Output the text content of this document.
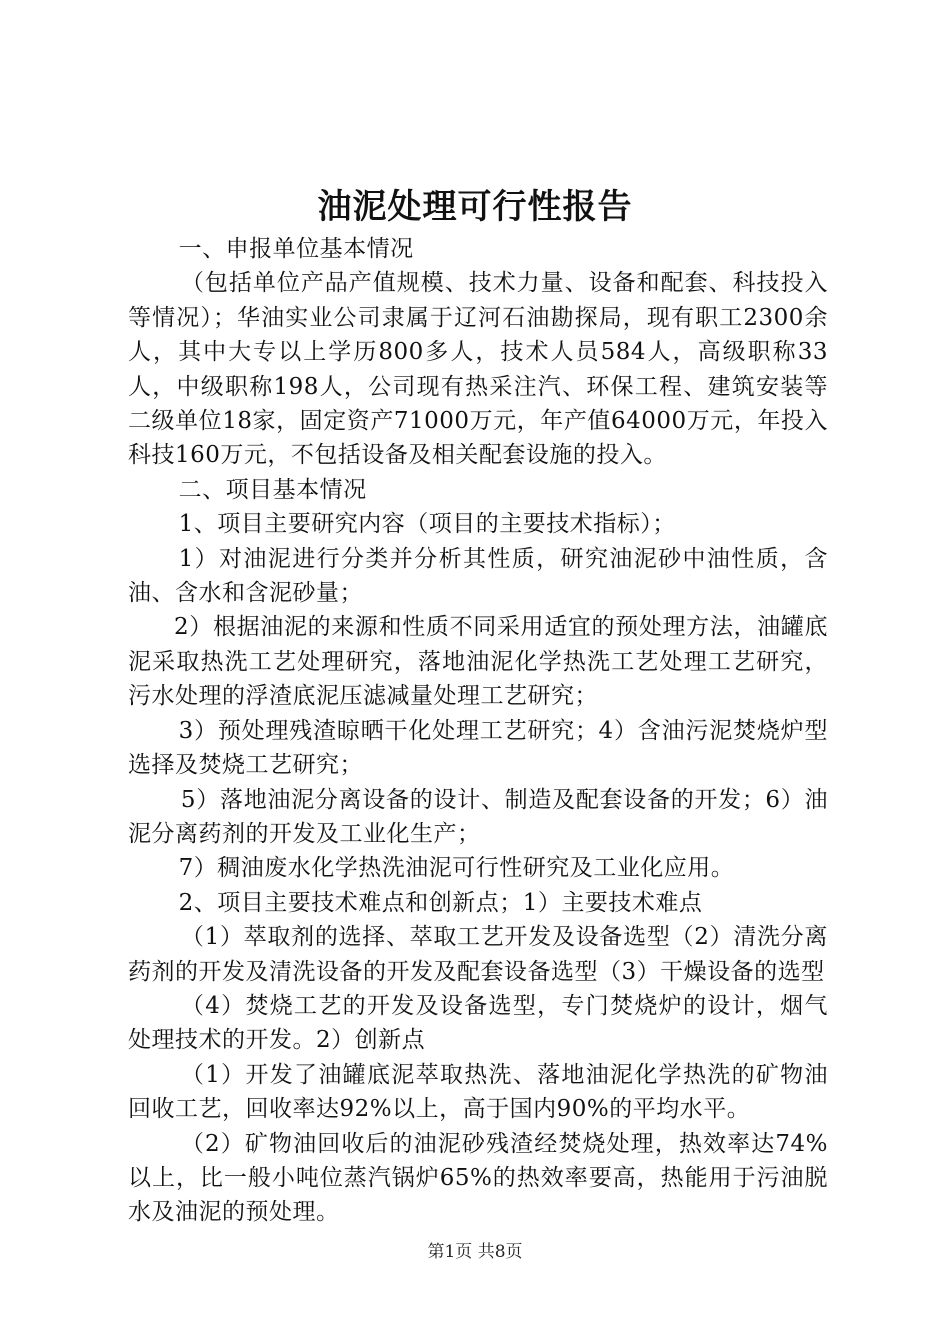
油泥处理可行性报告

一、申报单位基本情况

（包括单位产品产值规模、技术力量、设备和配套、科技投入等情况）；华油实业公司隶属于辽河石油勘探局，现有职工2300余人，其中大专以上学历800多人，技术人员584人，高级职称33人，中级职称198人，公司现有热采注汽、环保工程、建筑安装等二级单位18家，固定资产71000万元，年产值64000万元，年投入科技160万元，不包括设备及相关配套设施的投入。

二、项目基本情况

1、项目主要研究内容（项目的主要技术指标）；

1）对油泥进行分类并分析其性质，研究油泥砂中油性质，含油、含水和含泥砂量；

2）根据油泥的来源和性质不同采用适宜的预处理方法，油罐底泥采取热洗工艺处理研究，落地油泥化学热洗工艺处理工艺研究，污水处理的浮渣底泥压滤减量处理工艺研究；

3）预处理残渣晾晒干化处理工艺研究；4）含油污泥焚烧炉型选择及焚烧工艺研究；

5）落地油泥分离设备的设计、制造及配套设备的开发；6）油泥分离药剂的开发及工业化生产；

7）稠油废水化学热洗油泥可行性研究及工业化应用。

2、项目主要技术难点和创新点；1）主要技术难点

（1）萃取剂的选择、萃取工艺开发及设备选型（2）清洗分离药剂的开发及清洗设备的开发及配套设备选型（3）干燥设备的选型

（4）焚烧工艺的开发及设备选型，专门焚烧炉的设计，烟气处理技术的开发。2）创新点

（1）开发了油罐底泥萃取热洗、落地油泥化学热洗的矿物油回收工艺，回收率达92%以上，高于国内90%的平均水平。

（2）矿物油回收后的油泥砂残渣经焚烧处理，热效率达74%以上，比一般小吨位蒸汽锅炉65%的热效率要高，热能用于污油脱水及油泥的预处理。

第1页 共8页
